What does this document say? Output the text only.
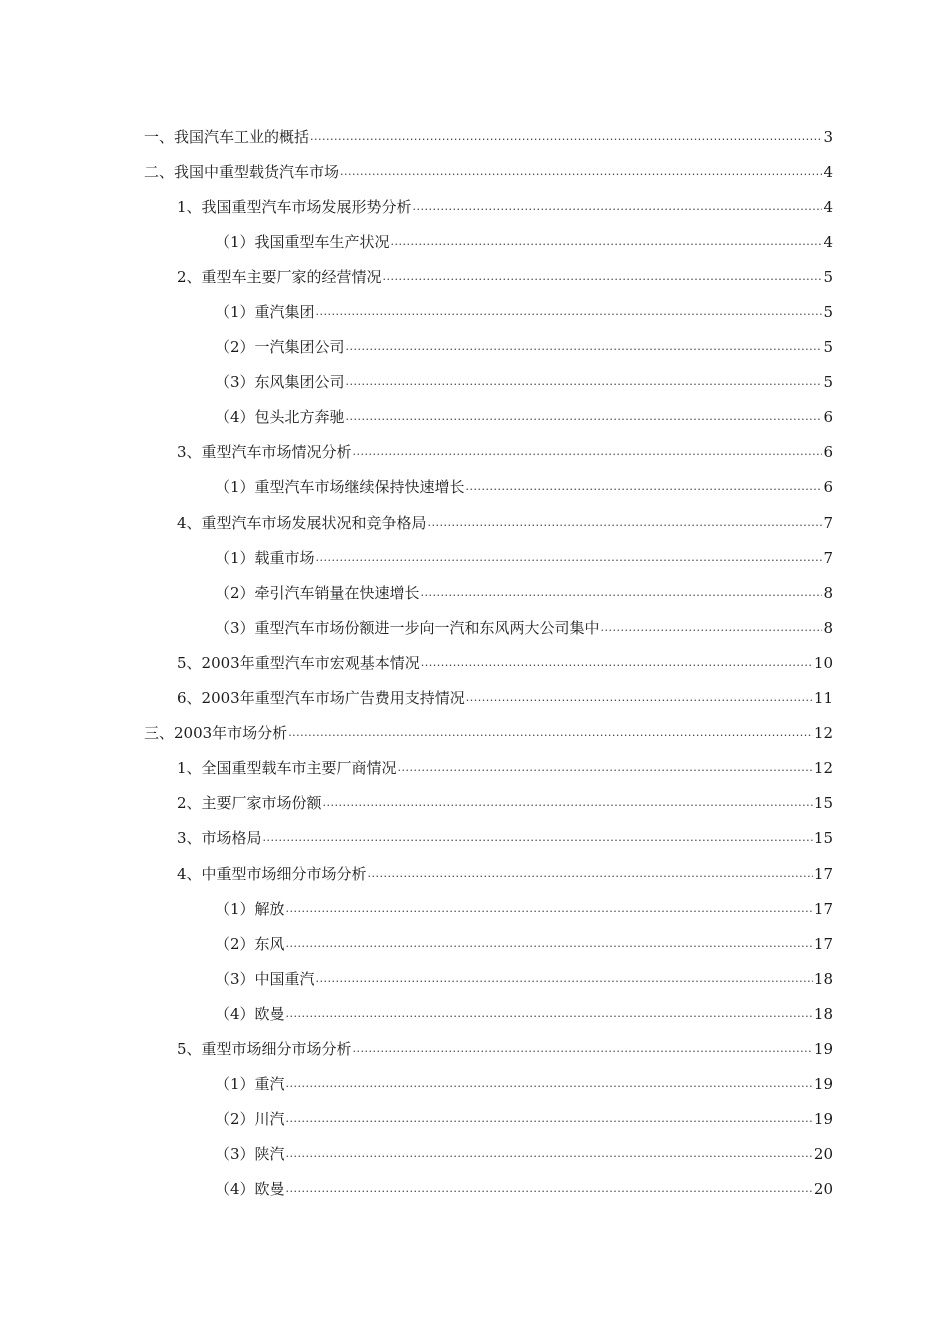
一、我国汽车工业的概括 .....	3
二、我国中重型载货汽车市场 .....	4
1、我国重型汽车市场发展形势分析 .....	4
（1）我国重型车生产状况 .....	4
2、重型车主要厂家的经营情况 .....	5
（1）重汽集团 .....	5
（2）一汽集团公司 .....	5
（3）东风集团公司 .....	5
（4）包头北方奔驰 .....	6
3、重型汽车市场情况分析 .....	6
（1）重型汽车市场继续保持快速增长 .....	6
4、重型汽车市场发展状况和竞争格局 .....	7
（1）载重市场 .....	7
（2）牵引汽车销量在快速增长 .....	8
（3）重型汽车市场份额进一步向一汽和东风两大公司集中 .....	8
5、2003年重型汽车市宏观基本情况 .....	10
6、2003年重型汽车市场广告费用支持情况 .....	11
三、2003年市场分析 .....	12
1、全国重型载车市主要厂商情况 .....	12
2、主要厂家市场份额 .....	15
3、市场格局 .....	15
4、中重型市场细分市场分析 .....	17
（1）解放 .....	17
（2）东风 .....	17
（3）中国重汽 .....	18
（4）欧曼 .....	18
5、重型市场细分市场分析 .....	19
（1）重汽 .....	19
（2）川汽 .....	19
（3）陕汽 .....	20
（4）欧曼 .....	20
